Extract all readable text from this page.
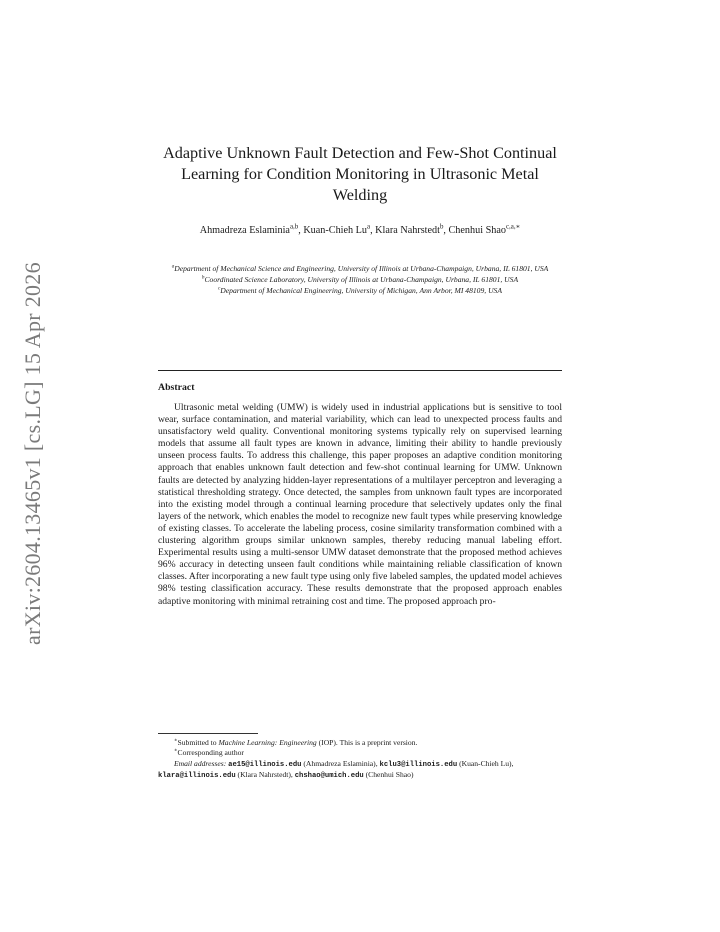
arXiv:2604.13465v1 [cs.LG] 15 Apr 2026
Adaptive Unknown Fault Detection and Few-Shot Continual Learning for Condition Monitoring in Ultrasonic Metal Welding
Ahmadreza Eslaminia$^{a,b}$, Kuan-Chieh Lu$^a$, Klara Nahrstedt$^b$, Chenhui Shao$^{c,a,∗}$
$^a$Department of Mechanical Science and Engineering, University of Illinois at Urbana-Champaign, Urbana, IL 61801, USA
$^b$Coordinated Science Laboratory, University of Illinois at Urbana-Champaign, Urbana, IL 61801, USA
$^c$Department of Mechanical Engineering, University of Michigan, Ann Arbor, MI 48109, USA
Abstract
Ultrasonic metal welding (UMW) is widely used in industrial applications but is sensitive to tool wear, surface contamination, and material variability, which can lead to unexpected process faults and unsatisfactory weld quality. Conventional monitoring systems typically rely on supervised learning models that assume all fault types are known in advance, limiting their ability to handle previously unseen process faults. To address this challenge, this paper proposes an adaptive condition monitoring approach that enables unknown fault detection and few-shot continual learning for UMW. Unknown faults are detected by analyzing hidden-layer representations of a multilayer perceptron and leveraging a statistical thresholding strategy. Once detected, the samples from unknown fault types are incorporated into the existing model through a continual learning procedure that selectively updates only the final layers of the network, which enables the model to recognize new fault types while preserving knowledge of existing classes. To accelerate the labeling process, cosine similarity transformation combined with a clustering algorithm groups similar unknown samples, thereby reducing manual labeling effort. Experimental results using a multi-sensor UMW dataset demonstrate that the proposed method achieves 96% accuracy in detecting unseen fault conditions while maintaining reliable classification of known classes. After incorporating a new fault type using only five labeled samples, the updated model achieves 98% testing classification accuracy. These results demonstrate that the proposed approach enables adaptive monitoring with minimal retraining cost and time. The proposed approach pro-
∗Submitted to Machine Learning: Engineering (IOP). This is a preprint version.
∗Corresponding author
Email addresses: ae15@illinois.edu (Ahmadreza Eslaminia), kclu3@illinois.edu (Kuan-Chieh Lu), klara@illinois.edu (Klara Nahrstedt), chshao@umich.edu (Chenhui Shao)
